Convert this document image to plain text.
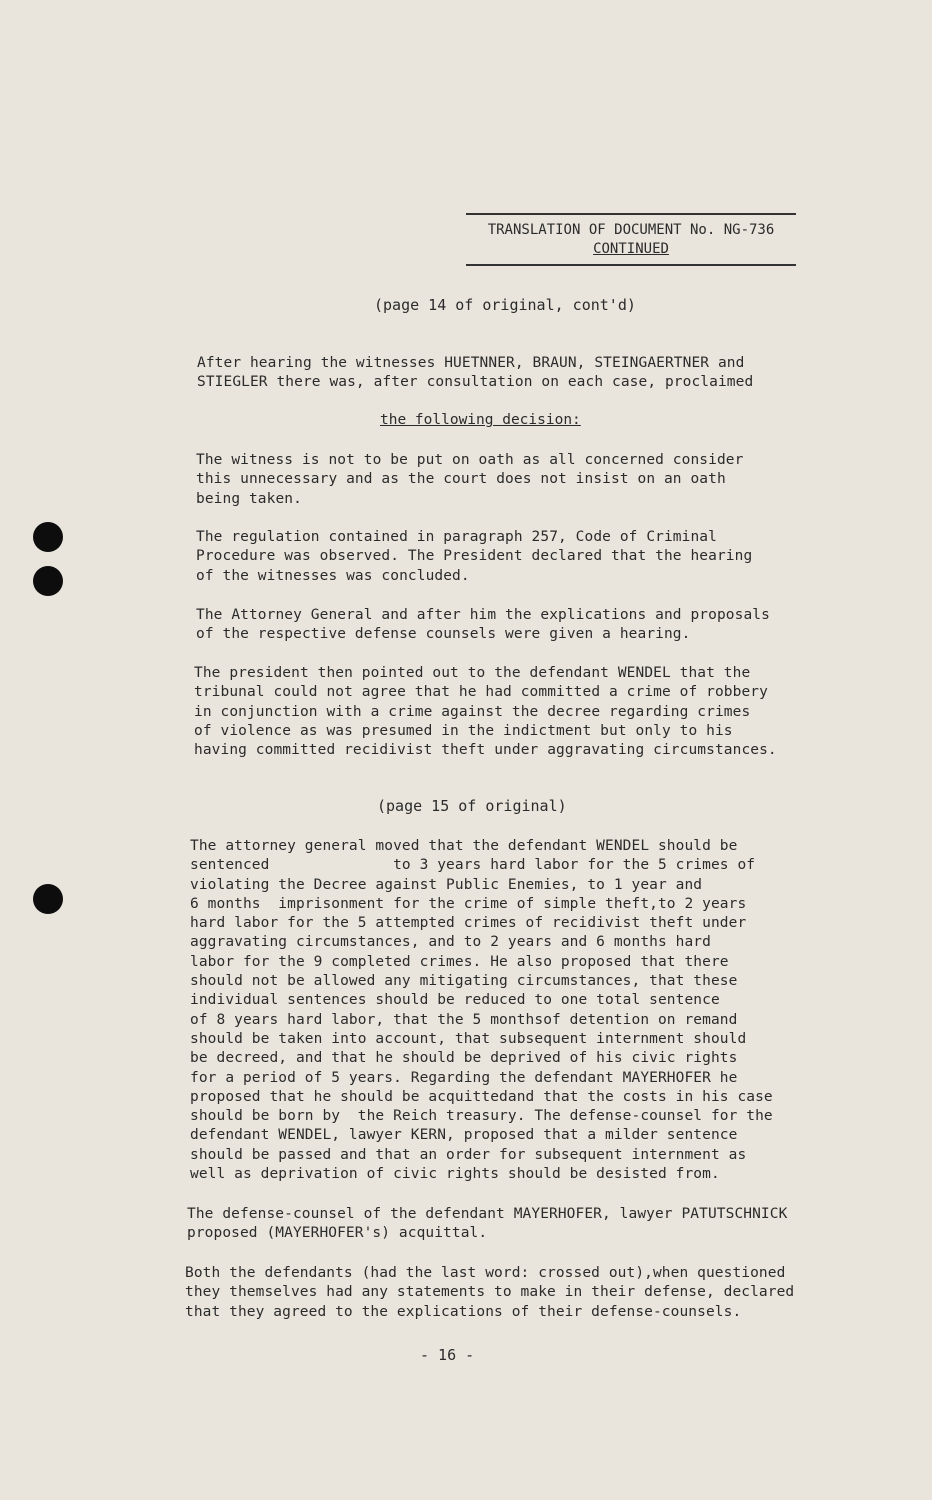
TRANSLATION OF DOCUMENT No. NG-736
CONTINUED
(page 14 of original, cont'd)
After hearing the witnesses HUETNNER, BRAUN, STEINGAERTNER and
STIEGLER there was, after consultation on each case, proclaimed
the following decision:
The witness is not to be put on oath as all concerned consider
this unnecessary and as the court does not insist on an oath
being taken.
The regulation contained in paragraph 257, Code of Criminal
Procedure was observed. The President declared that the hearing
of the witnesses was concluded.
The Attorney General and after him the explications and proposals
of the respective defense counsels were given a hearing.
The president then pointed out to the defendant WENDEL that the
tribunal could not agree that he had committed a crime of robbery
in conjunction with a crime against the decree regarding crimes
of violence as was presumed in the indictment but only to his
having committed recidivist theft under aggravating circumstances.
(page 15 of original)
The attorney general moved that the defendant WENDEL should be
sentenced              to 3 years hard labor for the 5 crimes of
violating the Decree against Public Enemies, to 1 year and
6 months  imprisonment for the crime of simple theft,to 2 years
hard labor for the 5 attempted crimes of recidivist theft under
aggravating circumstances, and to 2 years and 6 months hard
labor for the 9 completed crimes. He also proposed that there
should not be allowed any mitigating circumstances, that these
individual sentences should be reduced to one total sentence
of 8 years hard labor, that the 5 monthsof detention on remand
should be taken into account, that subsequent internment should
be decreed, and that he should be deprived of his civic rights
for a period of 5 years. Regarding the defendant MAYERHOFER he
proposed that he should be acquittedand that the costs in his case
should be born by  the Reich treasury. The defense-counsel for the
defendant WENDEL, lawyer KERN, proposed that a milder sentence
should be passed and that an order for subsequent internment as
well as deprivation of civic rights should be desisted from.
The defense-counsel of the defendant MAYERHOFER, lawyer PATUTSCHNICK
proposed (MAYERHOFER's) acquittal.
Both the defendants (had the last word: crossed out),when questioned
they themselves had any statements to make in their defense, declared
that they agreed to the explications of their defense-counsels.
- 16 -
